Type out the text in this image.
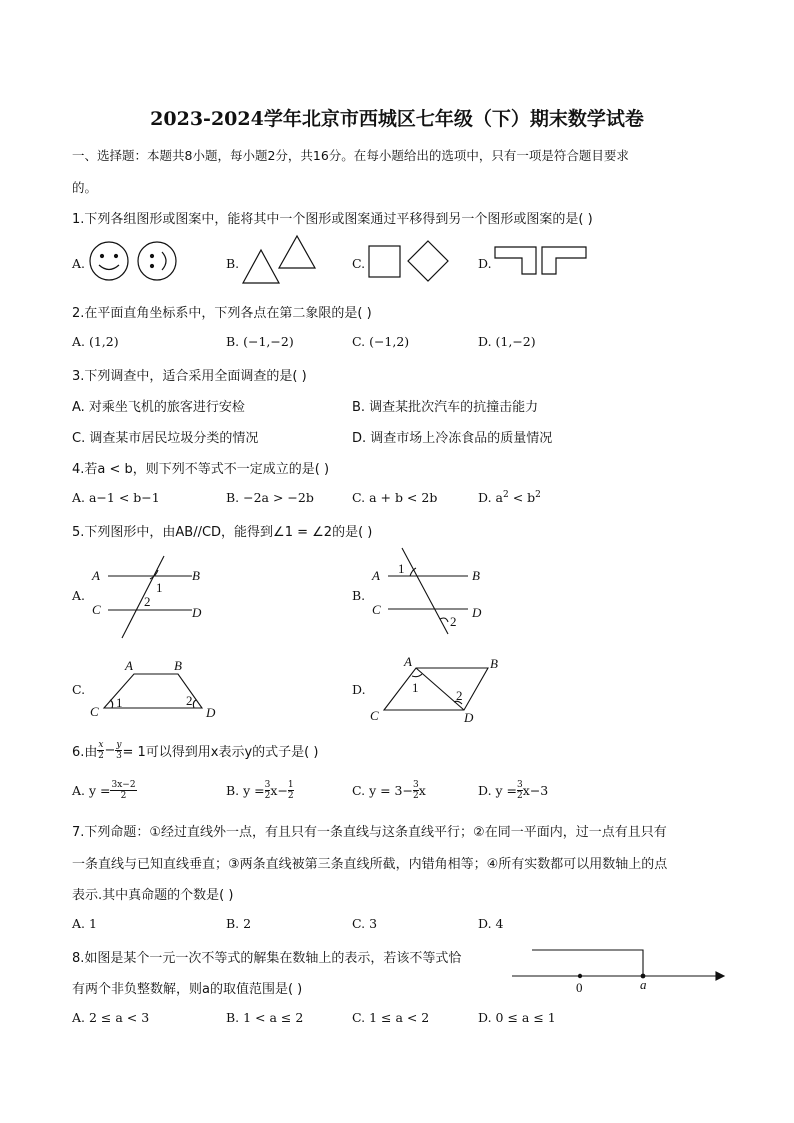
2023-2024学年北京市西城区七年级（下）期末数学试卷
一、选择题：本题共8小题，每小题2分，共16分。在每小题给出的选项中，只有一项是符合题目要求
的。
1.下列各组图形或图案中，能将其中一个图形或图案通过平移得到另一个图形或图案的是( )
A.	B.	C.	D.
2.在平面直角坐标系中，下列各点在第二象限的是( )
A. (1,2)	B. (−1,−2)	C. (−1,2)	D. (1,−2)
3.下列调查中，适合采用全面调查的是( )
A. 对乘坐飞机的旅客进行安检	B. 调查某批次汽车的抗撞击能力
C. 调查某市居民垃圾分类的情况	D. 调查市场上冷冻食品的质量情况
4.若a < b，则下列不等式不一定成立的是( )
A. a−1 < b−1	B. −2a > −2b	C. a + b < 2b	D. $a^2 < b^2$
5.下列图形中，由AB//CD，能得到∠1 = ∠2的是( )
A.	B.
C.	D.
A	B
C	D
1
2
A	B
C	D
1
2
A	B
C	D
1	2
A	B
C	D
1
2
6.由 x
$2 - \frac{y}{3} = 1$可以得到用x表示y的式子是( )
A. $y = \frac{3x-2}{2}$	B. $y = \frac{3}{2} x- \frac{1}{2}$	C. $y = 3- \frac{3}{2}$ x	D. $y = \frac{3}{2} x-3$
7.下列命题：①经过直线外一点，有且只有一条直线与这条直线平行；②在同一平面内，过一点有且只有
一条直线与已知直线垂直；③两条直线被第三条直线所截，内错角相等；④所有实数都可以用数轴上的点
表示.其中真命题的个数是( )
A. 1	B. 2	C. 3	D. 4
8.如图是某个一元一次不等式的解集在数轴上的表示，若该不等式恰
有两个非负整数解，则a的取值范围是( )	0	a
A. 2 ≤ a < 3	B. 1 < a ≤ 2	C. 1 ≤ a < 2	D. 0 ≤ a ≤ 1
